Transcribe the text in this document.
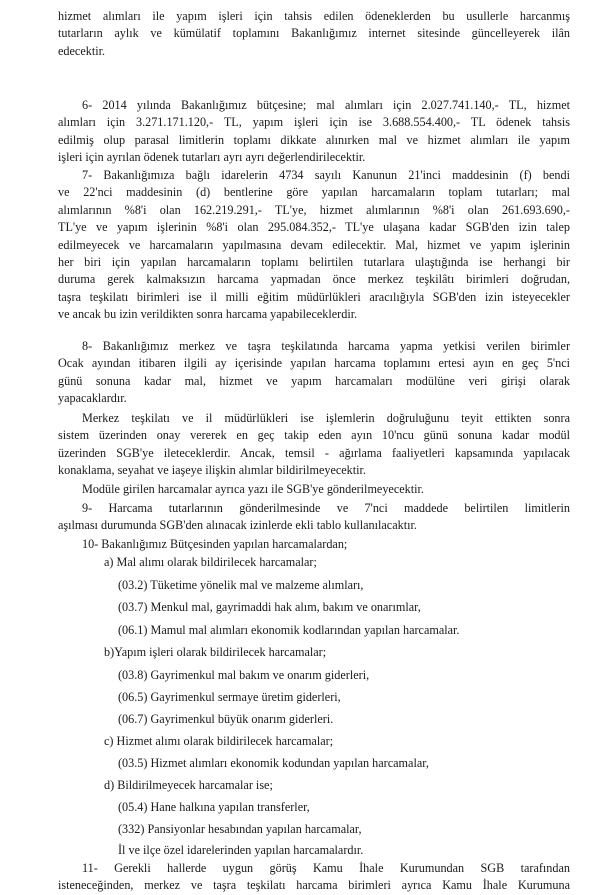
hizmet alımları ile yapım işleri için tahsis edilen ödeneklerden bu usullerle harcanmış
tutarların aylık ve kümülatif toplamını Bakanlığımız internet sitesinde güncelleyerek ilân
edecektir.
6- 2014 yılında Bakanlığımız bütçesine; mal alımları için 2.027.741.140,- TL, hizmet
alımları için 3.271.171.120,- TL, yapım işleri için ise 3.688.554.400,- TL ödenek tahsis
edilmiş olup parasal limitlerin toplamı dikkate alınırken mal ve hizmet alımları ile yapım
işleri için ayrılan ödenek tutarları ayrı ayrı değerlendirilecektir.
7- Bakanlığımıza bağlı idarelerin 4734 sayılı Kanunun 21'inci maddesinin (f) bendi
ve 22'nci maddesinin (d) bentlerine göre yapılan harcamaların toplam tutarları; mal
alımlarının %8'i olan 162.219.291,- TL'ye, hizmet alımlarının %8'i olan 261.693.690,-
TL'ye ve yapım işlerinin %8'i olan 295.084.352,- TL'ye ulaşana kadar SGB'den izin talep
edilmeyecek ve harcamaların yapılmasına devam edilecektir. Mal, hizmet ve yapım işlerinin
her biri için yapılan harcamaların toplamı belirtilen tutarlara ulaştığında ise herhangi bir
duruma gerek kalmaksızın harcama yapmadan önce merkez teşkilâtı birimleri doğrudan,
taşra teşkilatı birimleri ise il milli eğitim müdürlükleri aracılığıyla SGB'den izin isteyecekler
ve ancak bu izin verildikten sonra harcama yapabileceklerdir.
8- Bakanlığımız merkez ve taşra teşkilatında harcama yapma yetkisi verilen birimler
Ocak ayından itibaren ilgili ay içerisinde yapılan harcama toplamını ertesi ayın en geç 5'nci
günü sonuna kadar mal, hizmet ve yapım harcamaları modülüne veri girişi olarak
yapacaklardır.
Merkez teşkilatı ve il müdürlükleri ise işlemlerin doğruluğunu teyit ettikten sonra
sistem üzerinden onay vererek en geç takip eden ayın 10'ncu günü sonuna kadar modül
üzerinden SGB'ye ileteceklerdir. Ancak, temsil - ağırlama faaliyetleri kapsamında yapılacak
konaklama, seyahat ve iaşeye ilişkin alımlar bildirilmeyecektir.
Modüle girilen harcamalar ayrıca yazı ile SGB'ye gönderilmeyecektir.
9- Harcama tutarlarının gönderilmesinde ve 7'nci maddede belirtilen limitlerin
aşılması durumunda SGB'den alınacak izinlerde ekli tablo kullanılacaktır.
10- Bakanlığımız Bütçesinden yapılan harcamalardan;
a) Mal alımı olarak bildirilecek harcamalar;
(03.2) Tüketime yönelik mal ve malzeme alımları,
(03.7) Menkul mal, gayrimaddi hak alım, bakım ve onarımlar,
(06.1) Mamul mal alımları ekonomik kodlarından yapılan harcamalar.
b)Yapım işleri olarak bildirilecek harcamalar;
(03.8) Gayrimenkul mal bakım ve onarım giderleri,
(06.5) Gayrimenkul sermaye üretim giderleri,
(06.7) Gayrimenkul büyük onarım giderleri.
c) Hizmet alımı olarak bildirilecek harcamalar;
(03.5) Hizmet alımları ekonomik kodundan yapılan harcamalar,
d) Bildirilmeyecek harcamalar ise;
(05.4) Hane halkına yapılan transferler,
(332) Pansiyonlar hesabından yapılan harcamalar,
İl ve ilçe özel idarelerinden yapılan harcamalardır.
11- Gerekli hallerde uygun görüş Kamu İhale Kurumundan SGB tarafından
isteneceğinden, merkez ve taşra teşkilatı harcama birimleri ayrıca Kamu İhale Kurumuna
